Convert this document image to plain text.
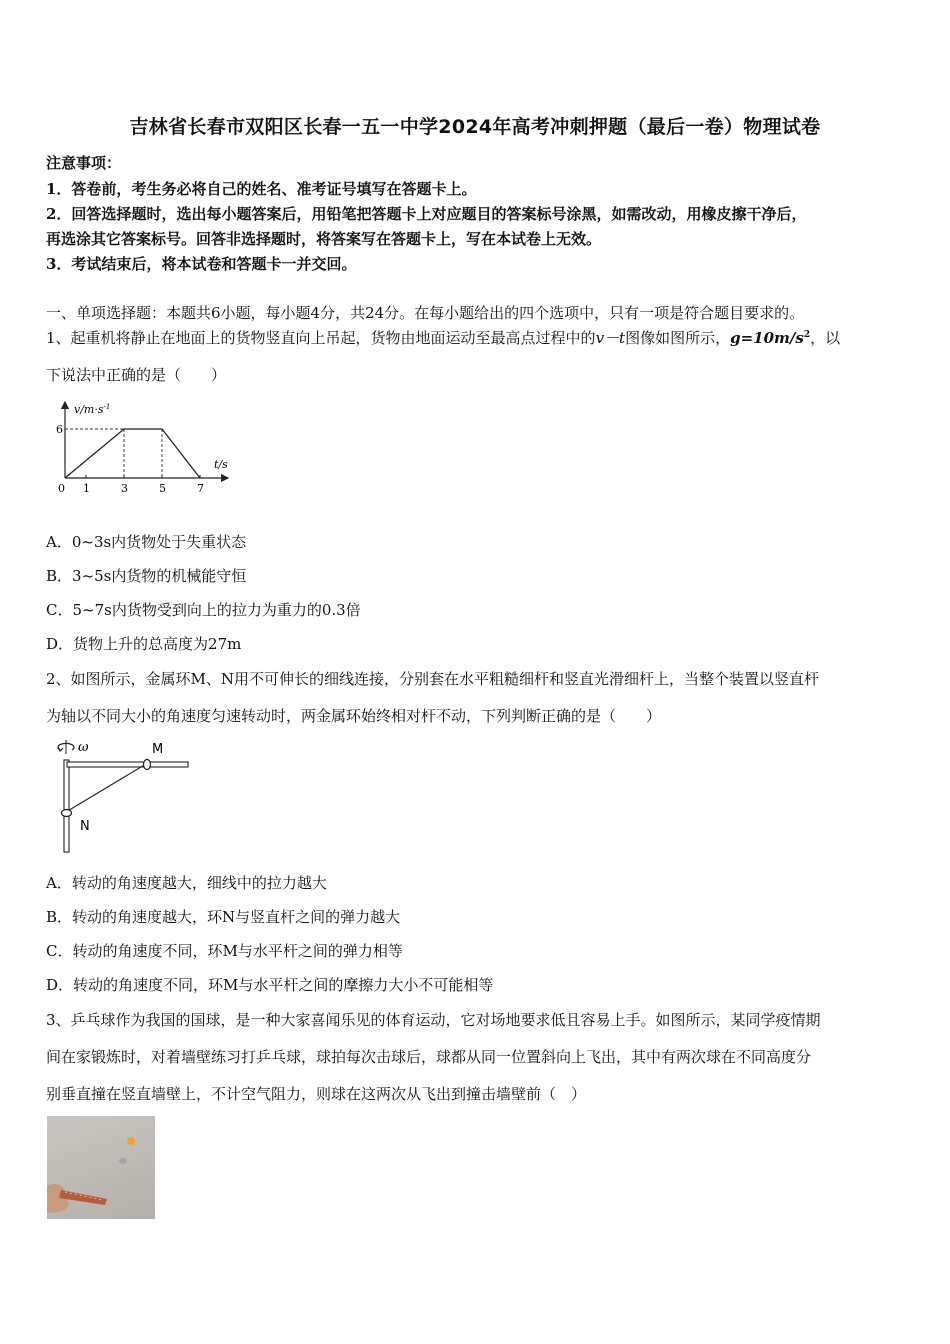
吉林省长春市双阳区长春一五一中学2024年高考冲刺押题（最后一卷）物理试卷
注意事项：
1．答卷前，考生务必将自己的姓名、准考证号填写在答题卡上。
2．回答选择题时，选出每小题答案后，用铅笔把答题卡上对应题目的答案标号涂黑，如需改动，用橡皮擦干净后，
再选涂其它答案标号。回答非选择题时，将答案写在答题卡上，写在本试卷上无效。
3．考试结束后，将本试卷和答题卡一并交回。
一、单项选择题：本题共6小题，每小题4分，共24分。在每小题给出的四个选项中，只有一项是符合题目要求的。
1、起重机将静止在地面上的货物竖直向上吊起，货物由地面运动至最高点过程中的v－t图像如图所示，$g=10m/s^2$，以
下说法中正确的是（　　）
$v/m\cdot s^{-1}$
t/s
6
0 1	3	5	7
A．0~3s内货物处于失重状态
B．3~5s内货物的机械能守恒
C．5~7s内货物受到向上的拉力为重力的0.3倍
D．货物上升的总高度为27m
2、如图所示，金属环M、N用不可伸长的细线连接，分别套在水平粗糙细杆和竖直光滑细杆上，当整个装置以竖直杆
为轴以不同大小的角速度匀速转动时，两金属环始终相对杆不动，下列判断正确的是（　　）
ω	M
N
A．转动的角速度越大，细线中的拉力越大
B．转动的角速度越大，环N与竖直杆之间的弹力越大
C．转动的角速度不同，环M与水平杆之间的弹力相等
D．转动的角速度不同，环M与水平杆之间的摩擦力大小不可能相等
3、乒乓球作为我国的国球，是一种大家喜闻乐见的体育运动，它对场地要求低且容易上手。如图所示，某同学疫情期
间在家锻炼时，对着墙壁练习打乒乓球，球拍每次击球后，球都从同一位置斜向上飞出，其中有两次球在不同高度分
别垂直撞在竖直墙壁上，不计空气阻力，则球在这两次从飞出到撞击墙壁前（　）
